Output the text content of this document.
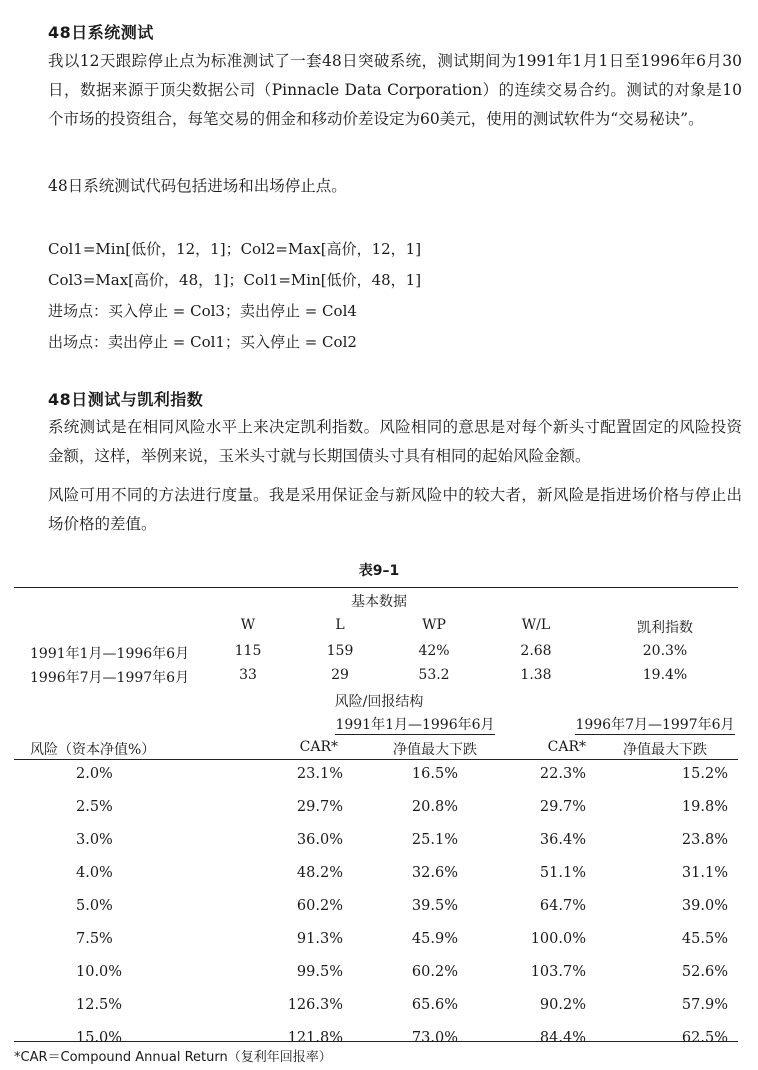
48日系统测试
我以12天跟踪停止点为标准测试了一套48日突破系统，测试期间为1991年1月1日至1996年6月30日，数据来源于顶尖数据公司（Pinnacle Data Corporation）的连续交易合约。测试的对象是10个市场的投资组合，每笔交易的佣金和移动价差设定为60美元，使用的测试软件为“交易秘诀”。
48日系统测试代码包括进场和出场停止点。
Col1=Min[低价，12，1]；Col2=Max[高价，12，1]
Col3=Max[高价，48，1]；Col1=Min[低价，48，1]
进场点：买入停止 = Col3；卖出停止 = Col4
出场点：卖出停止 = Col1；买入停止 = Col2
48日测试与凯利指数
系统测试是在相同风险水平上来决定凯利指数。风险相同的意思是对每个新头寸配置固定的风险投资金额，这样，举例来说，玉米头寸就与长期国债头寸具有相同的起始风险金额。
风险可用不同的方法进行度量。我是采用保证金与新风险中的较大者，新风险是指进场价格与停止出场价格的差值。
表9–1
基本数据
W	L	WP	W/L	凯利指数
1991年1月—1996年6月	115	159	42%	2.68	20.3%
1996年7月—1997年6月	33	29	53.2	1.38	19.4%
风险/回报结构
1991年1月—1996年6月	1996年7月—1997年6月
风险（资本净值%）	CAR*	净值最大下跌	CAR*	净值最大下跌
2.0%	23.1%	16.5%	22.3%	15.2%
2.5%	29.7%	20.8%	29.7%	19.8%
3.0%	36.0%	25.1%	36.4%	23.8%
4.0%	48.2%	32.6%	51.1%	31.1%
5.0%	60.2%	39.5%	64.7%	39.0%
7.5%	91.3%	45.9%	100.0%	45.5%
10.0%	99.5%	60.2%	103.7%	52.6%
12.5%	126.3%	65.6%	90.2%	57.9%
15.0%	121.8%	73.0%	84.4%	62.5%
*CAR＝Compound Annual Return（复利年回报率）
